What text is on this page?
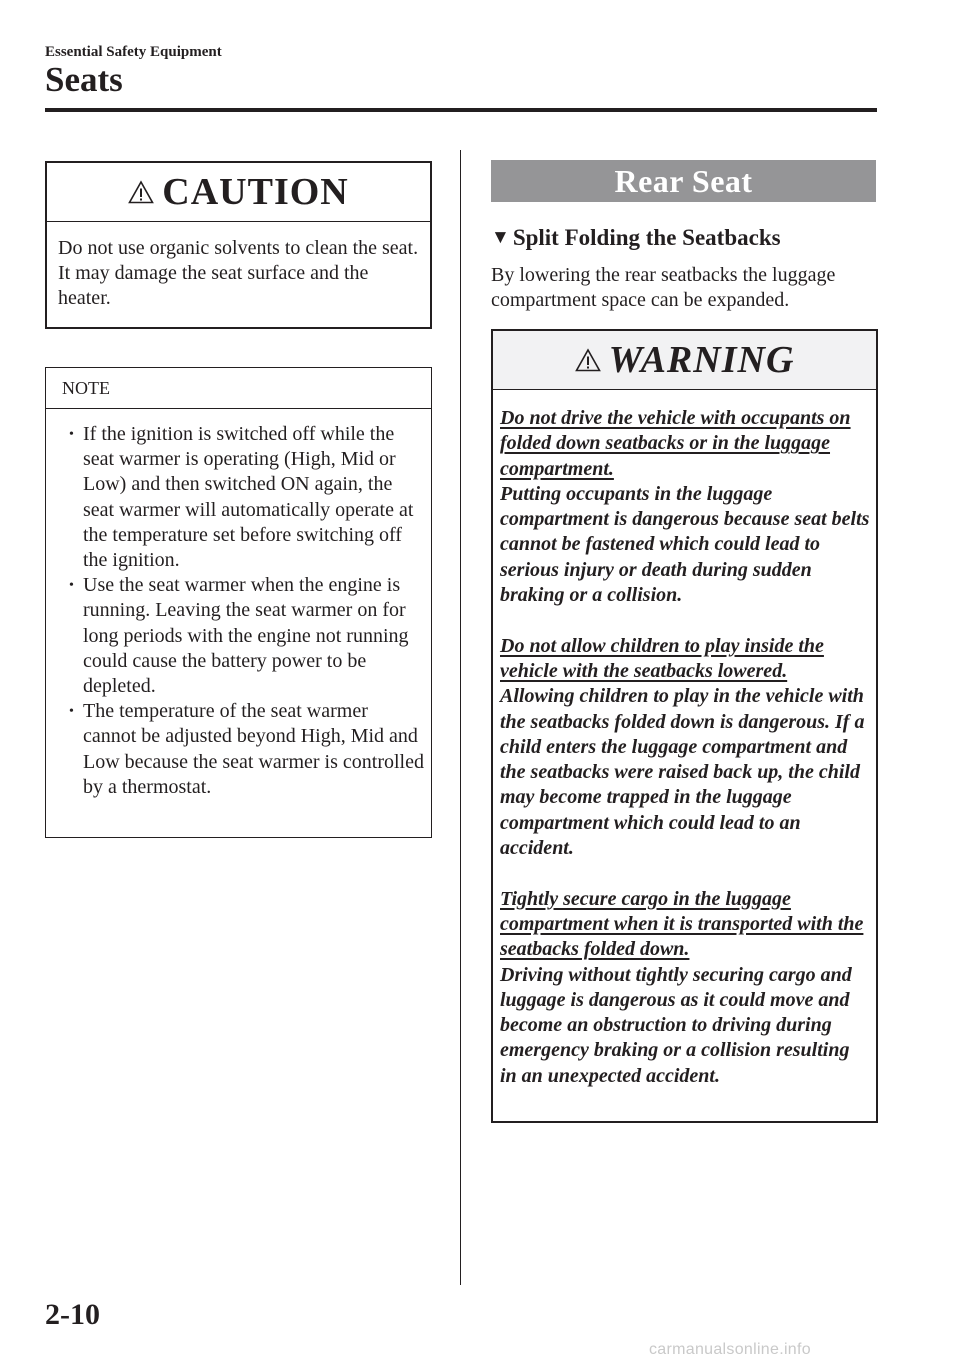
Essential Safety Equipment
Seats
CAUTION
Do not use organic solvents to clean the seat. It may damage the seat surface and the heater.
NOTE
• If the ignition is switched off while the seat warmer is operating (High, Mid or Low) and then switched ON again, the seat warmer will automatically operate at the temperature set before switching off the ignition.
• Use the seat warmer when the engine is running. Leaving the seat warmer on for long periods with the engine not running could cause the battery power to be depleted.
• The temperature of the seat warmer cannot be adjusted beyond High, Mid and Low because the seat warmer is controlled by a thermostat.
Rear Seat
▼ Split Folding the Seatbacks
By lowering the rear seatbacks the luggage compartment space can be expanded.
WARNING
Do not drive the vehicle with occupants on folded down seatbacks or in the luggage compartment.
Putting occupants in the luggage compartment is dangerous because seat belts cannot be fastened which could lead to serious injury or death during sudden braking or a collision.
Do not allow children to play inside the vehicle with the seatbacks lowered.
Allowing children to play in the vehicle with the seatbacks folded down is dangerous. If a child enters the luggage compartment and the seatbacks were raised back up, the child may become trapped in the luggage compartment which could lead to an accident.
Tightly secure cargo in the luggage compartment when it is transported with the seatbacks folded down.
Driving without tightly securing cargo and luggage is dangerous as it could move and become an obstruction to driving during emergency braking or a collision resulting in an unexpected accident.
2-10
carmanualsonline.info
